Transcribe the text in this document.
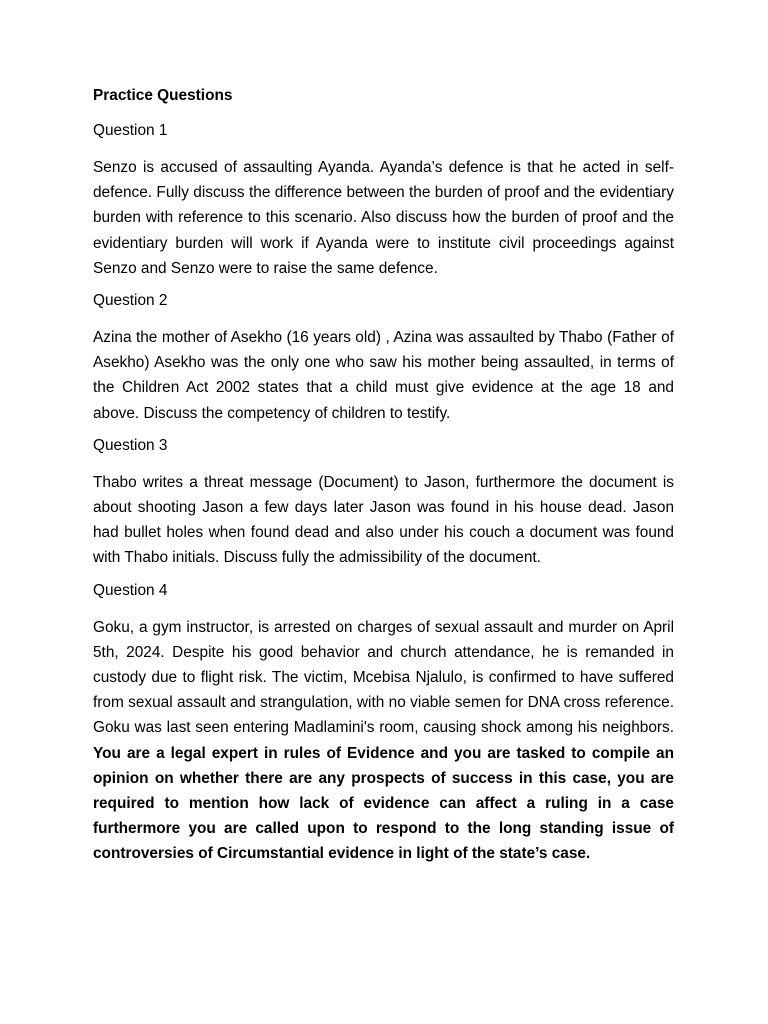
Practice Questions
Question 1
Senzo is accused of assaulting Ayanda. Ayanda’s defence is that he acted in self-defence. Fully discuss the difference between the burden of proof and the evidentiary burden with reference to this scenario. Also discuss how the burden of proof and the evidentiary burden will work if Ayanda were to institute civil proceedings against Senzo and Senzo were to raise the same defence.
Question 2
Azina the mother of Asekho (16 years old) , Azina was assaulted by Thabo (Father of Asekho) Asekho was the only one who saw his mother being assaulted, in terms of the Children Act 2002 states that a child must give evidence at the age 18 and above. Discuss the competency of children to testify.
Question 3
Thabo writes a threat message (Document) to Jason, furthermore the document is about shooting Jason a few days later Jason was found in his house dead. Jason had bullet holes when found dead and also under his couch a document was found with Thabo initials. Discuss fully the admissibility of the document.
Question 4
Goku, a gym instructor, is arrested on charges of sexual assault and murder on April 5th, 2024. Despite his good behavior and church attendance, he is remanded in custody due to flight risk. The victim, Mcebisa Njalulo, is confirmed to have suffered from sexual assault and strangulation, with no viable semen for DNA cross reference. Goku was last seen entering Madlamini's room, causing shock among his neighbors. You are a legal expert in rules of Evidence and you are tasked to compile an opinion on whether there are any prospects of success in this case, you are required to mention how lack of evidence can affect a ruling in a case furthermore you are called upon to respond to the long standing issue of controversies of Circumstantial evidence in light of the state’s case.
